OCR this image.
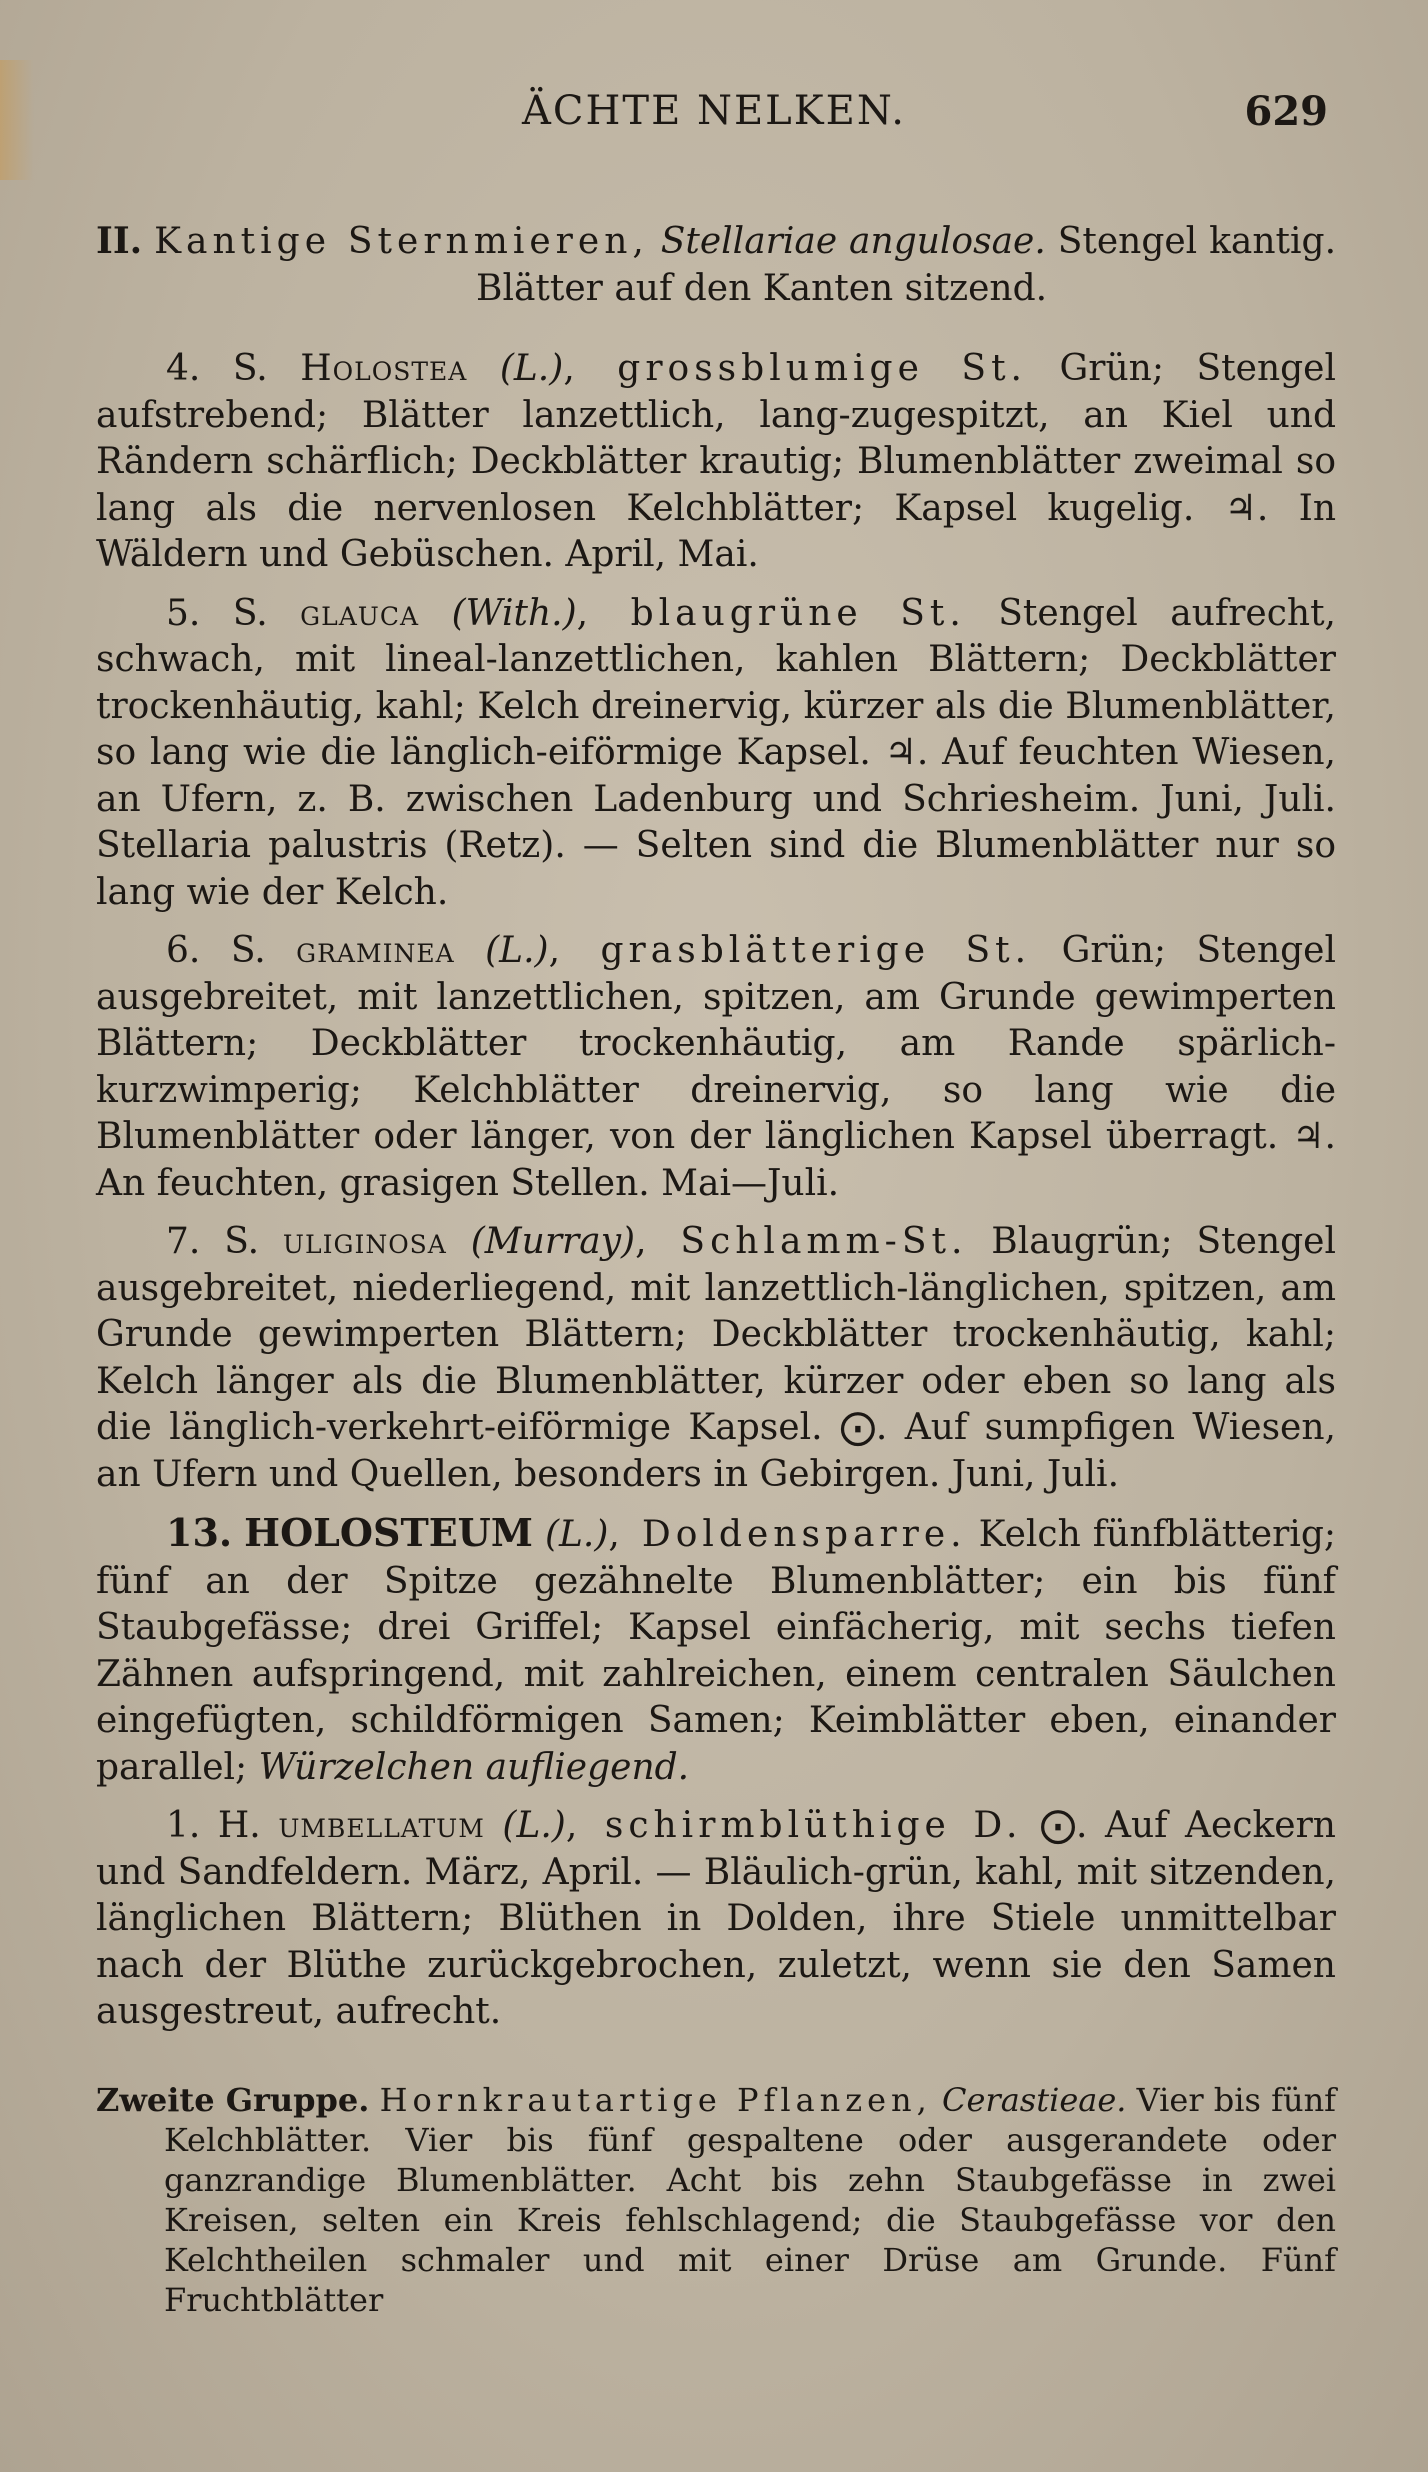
ÄCHTE NELKEN.	629

II. Kantige Sternmieren, Stellariae angulosae. Stengel kantig. Blätter auf den Kanten sitzend.

4. S. Holostea (L.), grossblumige St. Grün; Stengel aufstrebend; Blätter lanzettlich, lang-zugespitzt, an Kiel und Rändern schärflich; Deckblätter krautig; Blumenblätter zweimal so lang als die nervenlosen Kelchblätter; Kapsel kugelig. ♃. In Wäldern und Gebüschen. April, Mai.

5. S. glauca (With.), blaugrüne St. Stengel aufrecht, schwach, mit lineal-lanzettlichen, kahlen Blättern; Deckblätter trockenhäutig, kahl; Kelch dreinervig, kürzer als die Blumenblätter, so lang wie die länglich-eiförmige Kapsel. ♃. Auf feuchten Wiesen, an Ufern, z. B. zwischen Ladenburg und Schriesheim. Juni, Juli. Stellaria palustris (Retz). — Selten sind die Blumenblätter nur so lang wie der Kelch.

6. S. graminea (L.), grasblätterige St. Grün; Stengel ausgebreitet, mit lanzettlichen, spitzen, am Grunde gewimperten Blättern; Deckblätter trockenhäutig, am Rande spärlich-kurzwimperig; Kelchblätter dreinervig, so lang wie die Blumenblätter oder länger, von der länglichen Kapsel überragt. ♃. An feuchten, grasigen Stellen. Mai—Juli.

7. S. uliginosa (Murray), Schlamm-St. Blaugrün; Stengel ausgebreitet, niederliegend, mit lanzettlich-länglichen, spitzen, am Grunde gewimperten Blättern; Deckblätter trockenhäutig, kahl; Kelch länger als die Blumenblätter, kürzer oder eben so lang als die länglich-verkehrt-eiförmige Kapsel. ⨀. Auf sumpfigen Wiesen, an Ufern und Quellen, besonders in Gebirgen. Juni, Juli.

13. HOLOSTEUM (L.), Doldensparre. Kelch fünfblätterig; fünf an der Spitze gezähnelte Blumenblätter; ein bis fünf Staubgefässe; drei Griffel; Kapsel einfächerig, mit sechs tiefen Zähnen aufspringend, mit zahlreichen, einem centralen Säulchen eingefügten, schildförmigen Samen; Keimblätter eben, einander parallel; Würzelchen aufliegend.

1. H. umbellatum (L.), schirmblüthige D. ⨀. Auf Aeckern und Sandfeldern. März, April. — Bläulich-grün, kahl, mit sitzenden, länglichen Blättern; Blüthen in Dolden, ihre Stiele unmittelbar nach der Blüthe zurückgebrochen, zuletzt, wenn sie den Samen ausgestreut, aufrecht.

Zweite Gruppe. Hornkrautartige Pflanzen, Cerastieae. Vier bis fünf Kelchblätter. Vier bis fünf gespaltene oder ausgerandete oder ganzrandige Blumenblätter. Acht bis zehn Staubgefässe in zwei Kreisen, selten ein Kreis fehlschlagend; die Staubgefässe vor den Kelchtheilen schmaler und mit einer Drüse am Grunde. Fünf Fruchtblätter
